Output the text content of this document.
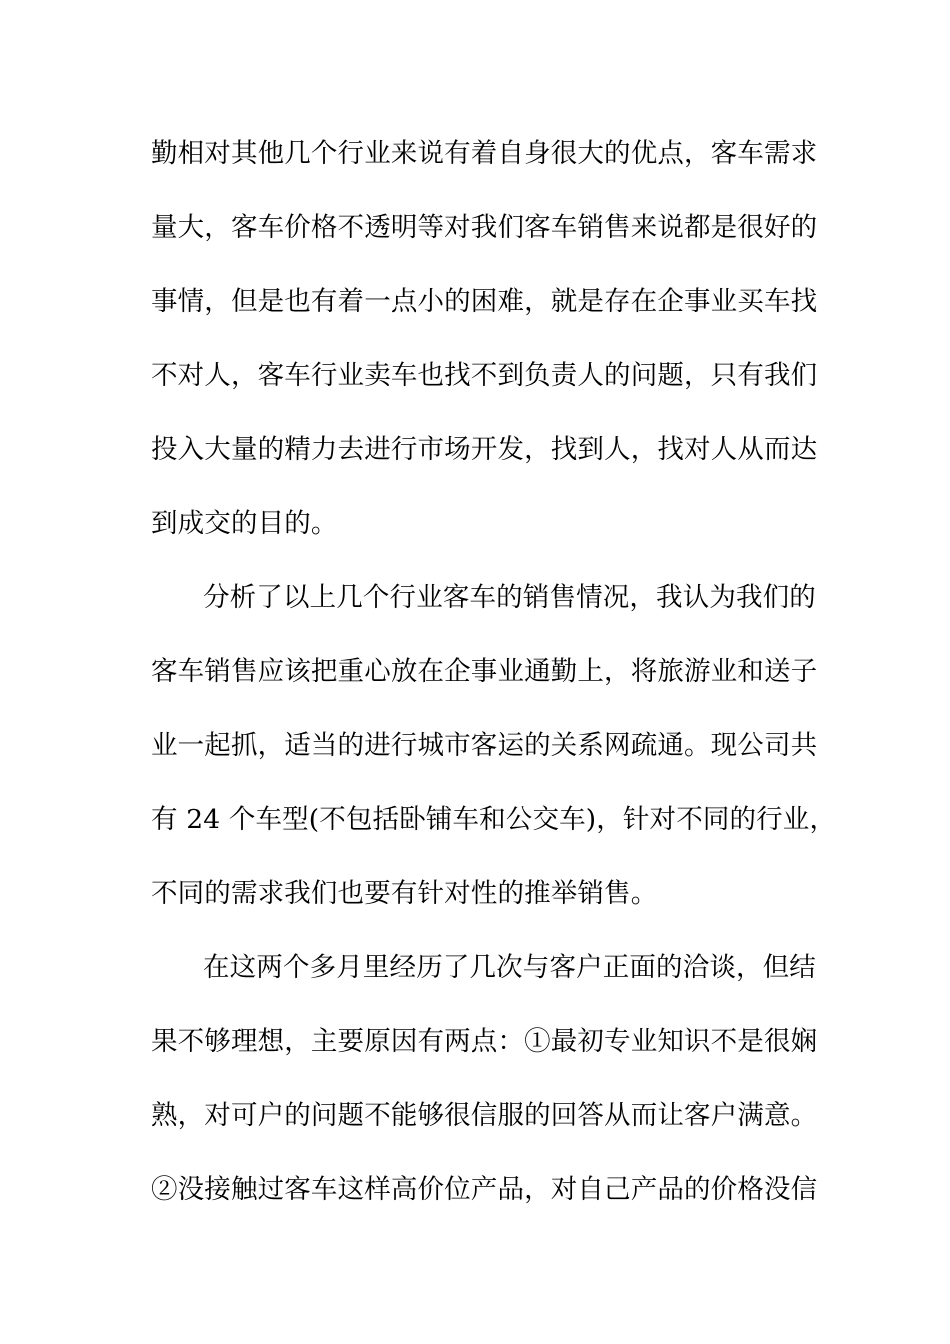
勤相对其他几个行业来说有着自身很大的优点，客车需求
量大，客车价格不透明等对我们客车销售来说都是很好的
事情，但是也有着一点小的困难，就是存在企事业买车找
不对人，客车行业卖车也找不到负责人的问题，只有我们
投入大量的精力去进行市场开发，找到人，找对人从而达
到成交的目的。
分析了以上几个行业客车的销售情况，我认为我们的
客车销售应该把重心放在企事业通勤上，将旅游业和送子
业一起抓，适当的进行城市客运的关系网疏通。现公司共
有 24 个车型(不包括卧铺车和公交车)，针对不同的行业，
不同的需求我们也要有针对性的推举销售。
在这两个多月里经历了几次与客户正面的洽谈，但结
果不够理想，主要原因有两点：①最初专业知识不是很娴
熟，对可户的问题不能够很信服的回答从而让客户满意。
②没接触过客车这样高价位产品，对自己产品的价格没信
